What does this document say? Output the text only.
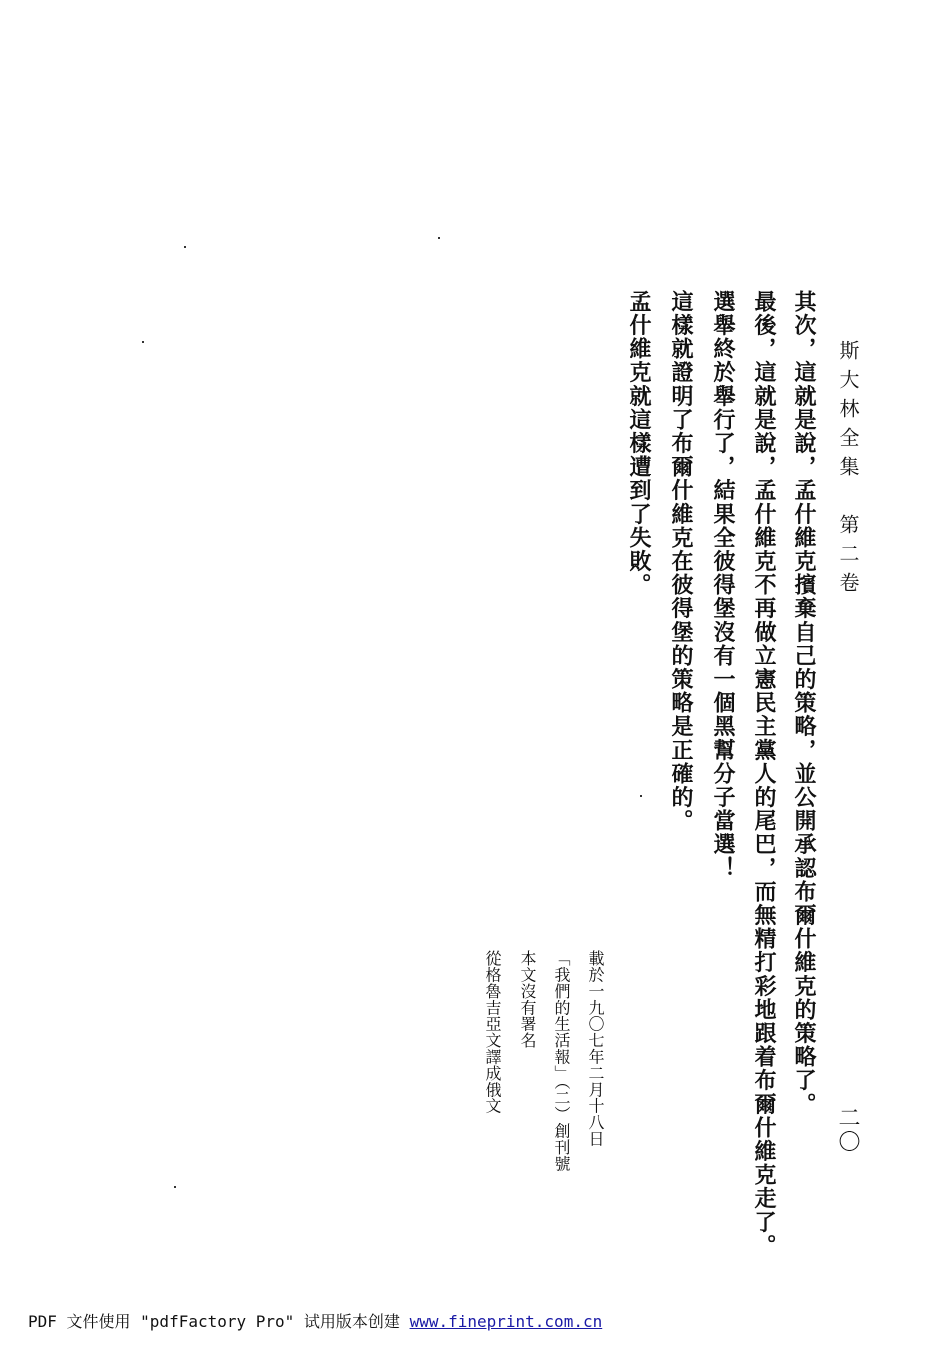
斯大林全集　第二卷
二〇
其次，這就是說，孟什維克擯棄自己的策略，並公開承認布爾什維克的策略了。
最後，這就是說，孟什維克不再做立憲民主黨人的尾巴，而無精打彩地跟着布爾什維克走了。
選舉終於舉行了，結果全彼得堡沒有一個黑幫分子當選！
這樣就證明了布爾什維克在彼得堡的策略是正確的。
孟什維克就這樣遭到了失敗。
載於一九〇七年二月十八日
「我們的生活報」（二）創刊號
本文沒有署名
從格魯吉亞文譯成俄文
PDF 文件使用 "pdfFactory Pro" 试用版本创建 www.fineprint.com.cn
